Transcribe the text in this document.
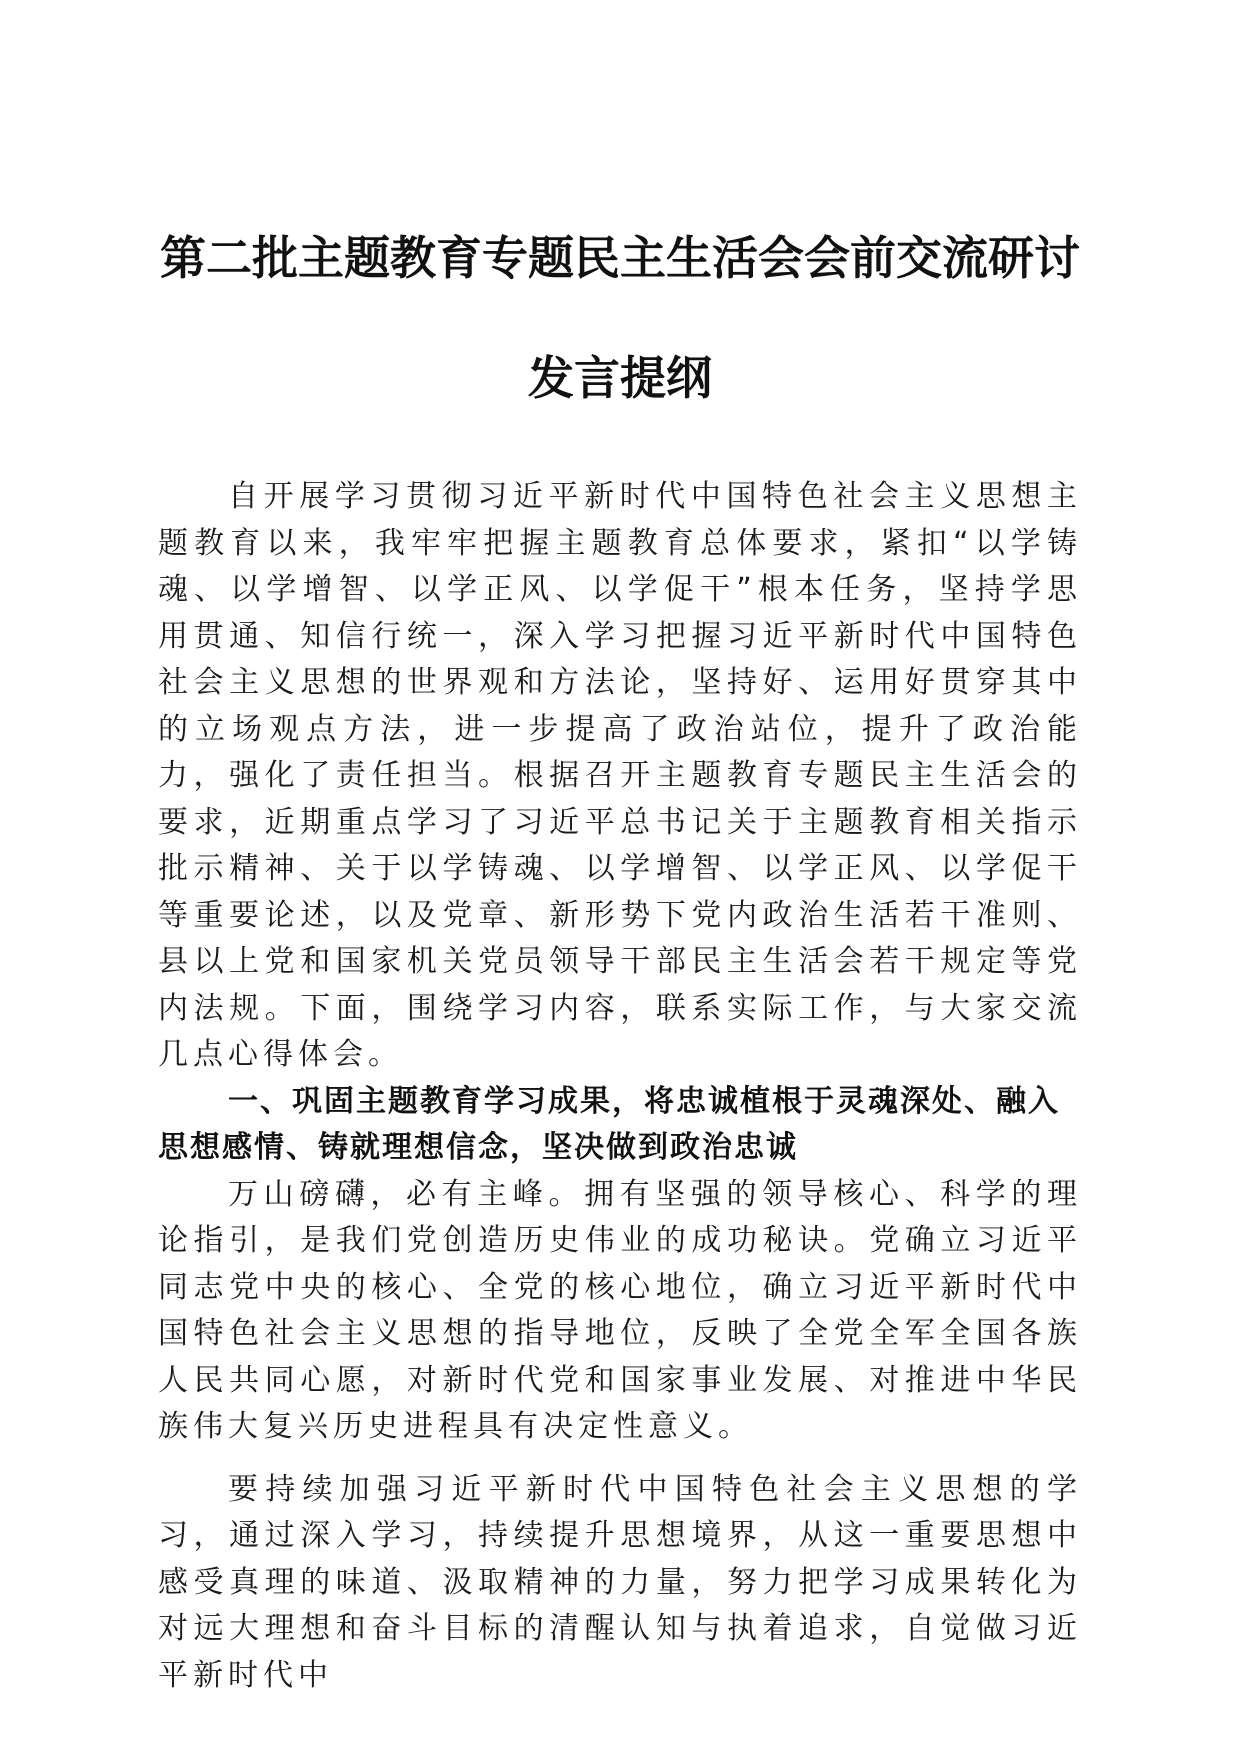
第二批主题教育专题民主生活会会前交流研讨
发言提纲

自开展学习贯彻习近平新时代中国特色社会主义思想主题教育以来，我牢牢把握主题教育总体要求，紧扣“以学铸魂、以学增智、以学正风、以学促干”根本任务，坚持学思用贯通、知信行统一，深入学习把握习近平新时代中国特色社会主义思想的世界观和方法论，坚持好、运用好贯穿其中的立场观点方法，进一步提高了政治站位，提升了政治能力，强化了责任担当。根据召开主题教育专题民主生活会的要求，近期重点学习了习近平总书记关于主题教育相关指示批示精神、关于以学铸魂、以学增智、以学正风、以学促干等重要论述，以及党章、新形势下党内政治生活若干准则、县以上党和国家机关党员领导干部民主生活会若干规定等党内法规。下面，围绕学习内容，联系实际工作，与大家交流几点心得体会。

一、巩固主题教育学习成果，将忠诚植根于灵魂深处、融入思想感情、铸就理想信念，坚决做到政治忠诚

万山磅礴，必有主峰。拥有坚强的领导核心、科学的理论指引，是我们党创造历史伟业的成功秘诀。党确立习近平同志党中央的核心、全党的核心地位，确立习近平新时代中国特色社会主义思想的指导地位，反映了全党全军全国各族人民共同心愿，对新时代党和国家事业发展、对推进中华民族伟大复兴历史进程具有决定性意义。

要持续加强习近平新时代中国特色社会主义思想的学习，通过深入学习，持续提升思想境界，从这一重要思想中感受真理的味道、汲取精神的力量，努力把学习成果转化为对远大理想和奋斗目标的清醒认知与执着追求，自觉做习近平新时代中
